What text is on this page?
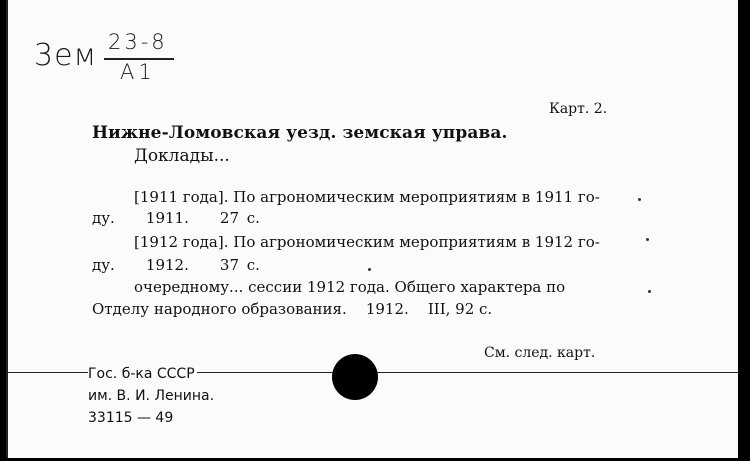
3ем 23-8
A1
Карт. 2.
Нижне-Ломовская уезд. земская управа.
Доклады...
[1911 года]. По агрономическим мероприятиям в 1911 го-
ду.    1911.    27 с.
[1912 года]. По агрономическим мероприятиям в 1912 го-
ду.    1912.    37 с.
очередному... сессии 1912 года. Общего характера по
Отделу народного образования.    1912.    III, 92 с.
См. след. карт.
Гос. б-ка СССР
им. В. И. Ленина.
33115 — 49
